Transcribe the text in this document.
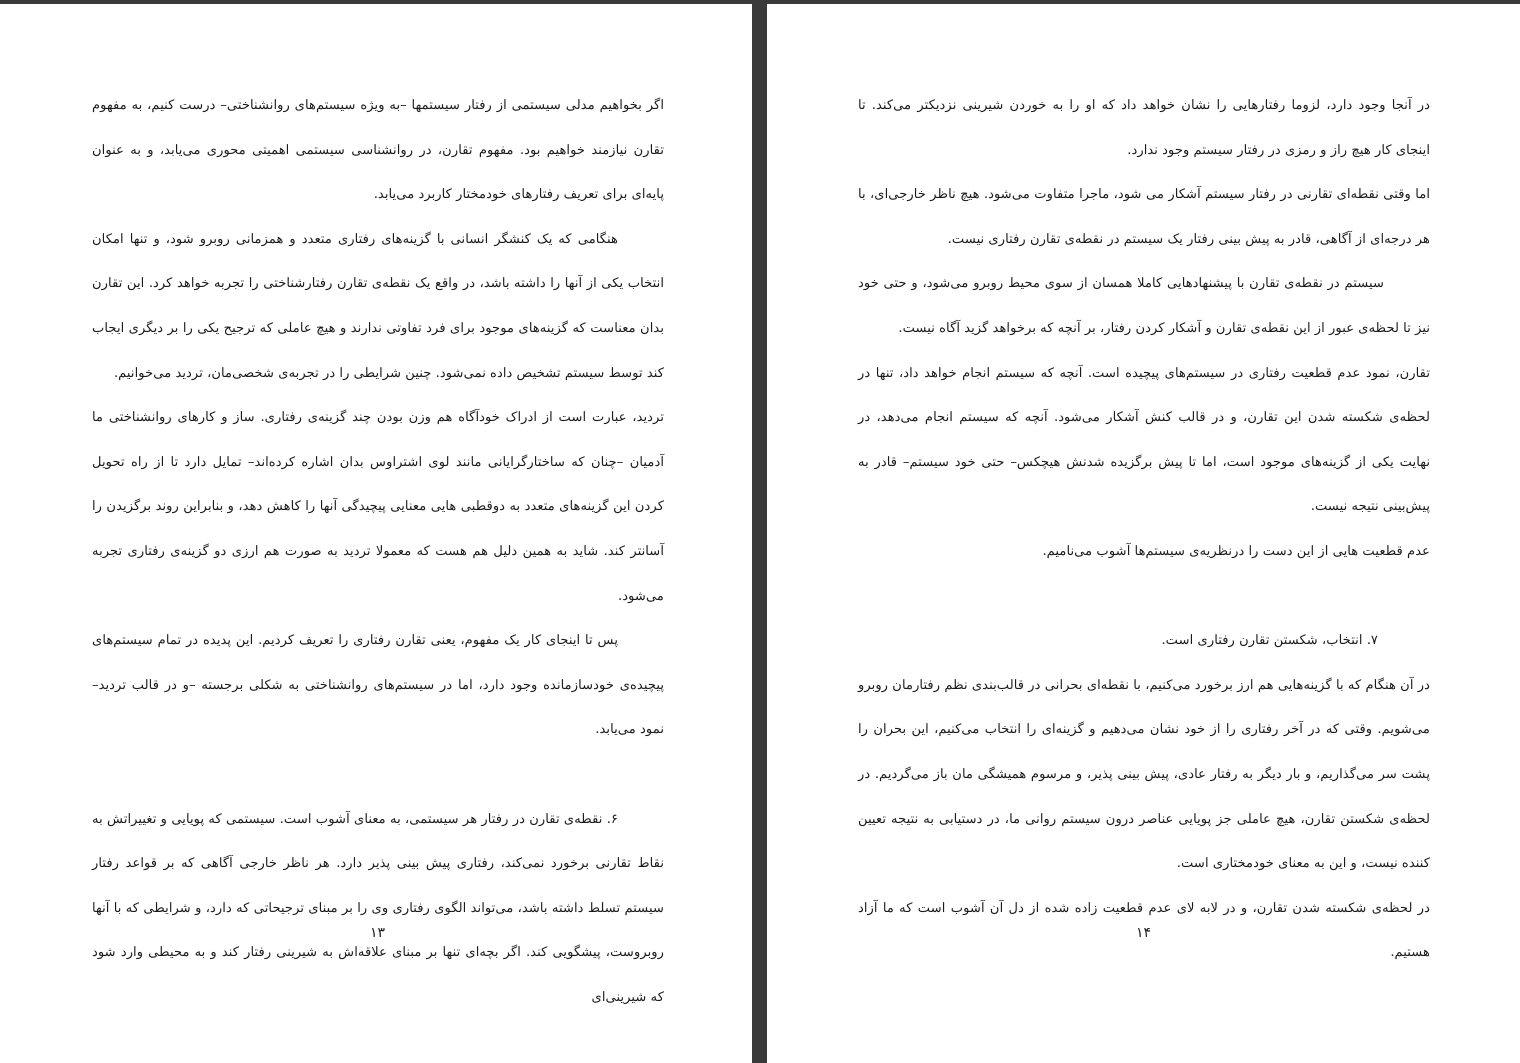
اگر بخواهیم مدلی سیستمی از رفتار سیستمها –به ویژه سیستم‌های روانشناختی– درست کنیم، به مفهوم تقارن نیازمند خواهیم بود. مفهوم تقارن، در روانشناسی سیستمی اهمیتی محوری می‌یابد، و به عنوان پایه‌ای برای تعریف رفتارهای خودمختار کاربرد می‌یابد.

هنگامی که یک کنشگر انسانی با گزینه‌های رفتاری متعدد و همزمانی روبرو شود، و تنها امکان انتخاب یکی از آنها را داشته باشد، در واقع یک نقطه‌ی تقارن رفتارشناختی را تجربه خواهد کرد. این تقارن بدان معناست که گزینه‌های موجود برای فرد تفاوتی ندارند و هیچ عاملی که ترجیح یکی را بر دیگری ایجاب کند توسط سیستم تشخیص داده نمی‌شود. چنین شرایطی را در تجربه‌ی شخصی‌مان، تردید می‌خوانیم.

تردید، عبارت است از ادراک خودآگاه هم وزن بودن چند گزینه‌ی رفتاری. ساز و کارهای روانشناختی ما آدمیان –چنان که ساختارگرایانی مانند لوی اشتراوس بدان اشاره کرده‌اند– تمایل دارد تا از راه تحویل کردن این گزینه‌های متعدد به دوقطبی هایی معنایی پیچیدگی آنها را کاهش دهد، و بنابراین روند برگزیدن را آسانتر کند. شاید به همین دلیل هم هست که معمولا تردید به صورت هم ارزی دو گزینه‌ی رفتاری تجربه می‌شود.

پس تا اینجای کار یک مفهوم، یعنی تقارن رفتاری را تعریف کردیم. این پدیده در تمام سیستم‌های پیچیده‌ی خودسازمانده وجود دارد، اما در سیستم‌های روانشناختی به شکلی برجسته –و در قالب تردید– نمود می‌یابد.

۶. نقطه‌ی تقارن در رفتار هر سیستمی، به معنای آشوب است. سیستمی که پویایی و تغییراتش به نقاط تقارنی برخورد نمی‌کند، رفتاری پیش بینی پذیر دارد. هر ناظر خارجی آگاهی که بر قواعد رفتار سیستم تسلط داشته باشد، می‌تواند الگوی رفتاری وی را بر مبنای ترجیحاتی که دارد، و شرایطی که با آنها روبروست، پیشگویی کند. اگر بچه‌ای تنها بر مبنای علاقه‌اش به شیرینی رفتار کند و به محیطی وارد شود که شیرینی‌ای

۱۳

در آنجا وجود دارد، لزوما رفتارهایی را نشان خواهد داد که او را به خوردن شیرینی نزدیکتر می‌کند. تا اینجای کار هیچ راز و رمزی در رفتار سیستم وجود ندارد.

اما وقتی نقطه‌ای تقارنی در رفتار سیستم آشکار می شود، ماجرا متفاوت می‌شود. هیچ ناظر خارجی‌ای، با هر درجه‌ای از آگاهی، قادر به پیش بینی رفتار یک سیستم در نقطه‌ی تقارن رفتاری نیست.

سیستم در نقطه‌ی تقارن با پیشنهادهایی کاملا همسان از سوی محیط روبرو می‌شود، و حتی خود نیز تا لحظه‌ی عبور از این نقطه‌ی تقارن و آشکار کردن رفتار، بر آنچه که برخواهد گزید آگاه نیست.

تقارن، نمود عدم قطعیت رفتاری در سیستم‌های پیچیده است. آنچه که سیستم انجام خواهد داد، تنها در لحظه‌ی شکسته شدن این تقارن، و در قالب کنش آشکار می‌شود. آنچه که سیستم انجام می‌دهد، در نهایت یکی از گزینه‌های موجود است، اما تا پیش برگزیده شدنش هیچکس– حتی خود سیستم– قادر به پیش‌بینی نتیجه نیست.

عدم قطعیت هایی از این دست را درنظریه‌ی سیستم‌ها آشوب می‌نامیم.

۷. انتخاب، شکستن تقارن رفتاری است.

در آن هنگام که با گزینه‌هایی هم ارز برخورد می‌کنیم، با نقطه‌ای بحرانی در قالب‌بندی نظم رفتارمان روبرو می‌شویم. وقتی که در آخر رفتاری را از خود نشان می‌دهیم و گزینه‌ای را انتخاب می‌کنیم، این بحران را پشت سر می‌گذاریم، و بار دیگر به رفتار عادی، پیش بینی پذیر، و مرسوم همیشگی مان باز می‌گردیم. در لحظه‌ی شکستن تقارن، هیچ عاملی جز پویایی عناصر درون سیستم روانی ما، در دستیابی به نتیجه تعیین کننده نیست، و این به معنای خودمختاری است.

در لحظه‌ی شکسته شدن تقارن، و در لابه لای عدم قطعیت زاده شده از دل آن آشوب است که ما آزاد هستیم.

۱۴
